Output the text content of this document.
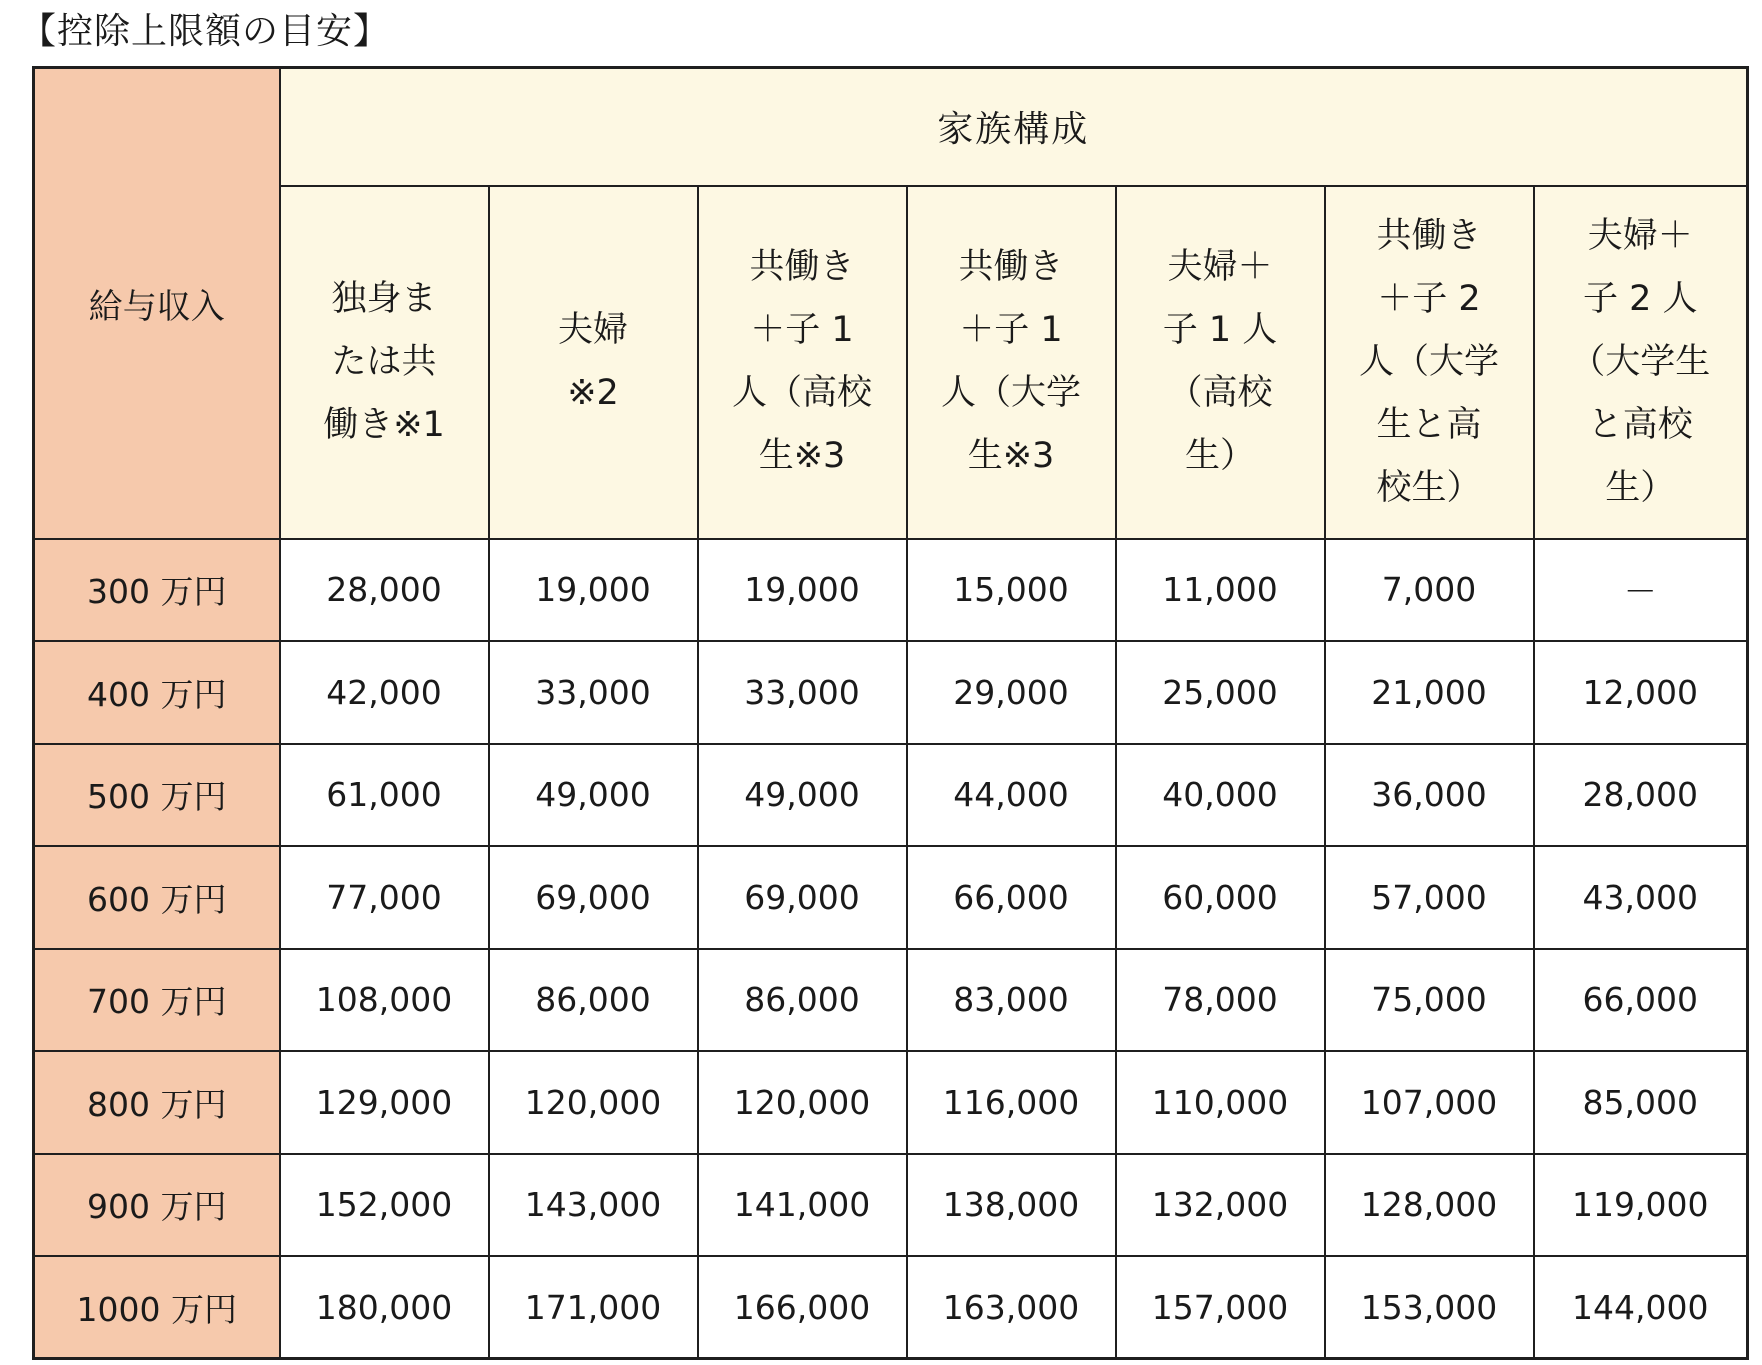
【控除上限額の目安】
給与収入	家族構成						
	独身ま
たは共
働き※1	夫婦
※2	共働き
＋子 1
人（高校
生※3	共働き
＋子 1
人（大学
生※3	夫婦＋
子 1 人
（高校
生）	共働き
＋子 2
人（大学
生と高
校生）	夫婦＋
子 2 人
（大学生
と高校
生）
300 万円	28,000	19,000	19,000	15,000	11,000	7,000	－
400 万円	42,000	33,000	33,000	29,000	25,000	21,000	12,000
500 万円	61,000	49,000	49,000	44,000	40,000	36,000	28,000
600 万円	77,000	69,000	69,000	66,000	60,000	57,000	43,000
700 万円	108,000	86,000	86,000	83,000	78,000	75,000	66,000
800 万円	129,000	120,000	120,000	116,000	110,000	107,000	85,000
900 万円	152,000	143,000	141,000	138,000	132,000	128,000	119,000
1000 万円	180,000	171,000	166,000	163,000	157,000	153,000	144,000
